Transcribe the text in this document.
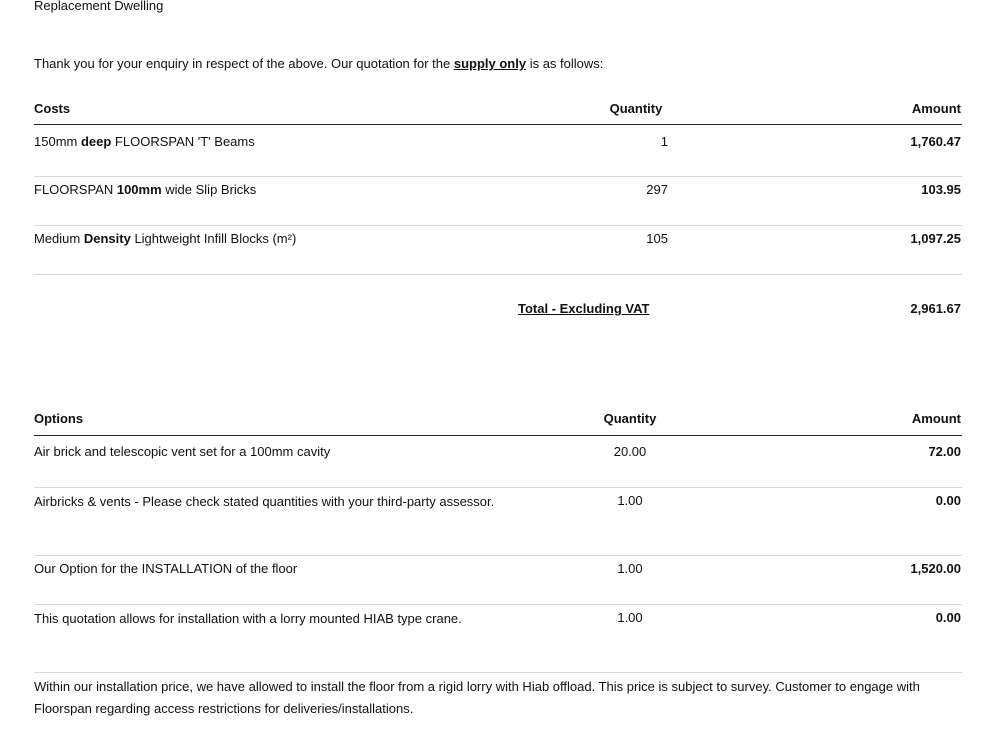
Replacement Dwelling
Thank you for your enquiry in respect of the above. Our quotation for the supply only is as follows:
Costs	Quantity	Amount
150mm deep FLOORSPAN 'T' Beams	1	1,760.47
FLOORSPAN 100mm wide Slip Bricks	297	103.95
Medium Density Lightweight Infill Blocks (m²)	105	1,097.25
Total - Excluding VAT	2,961.67
Options	Quantity	Amount
Air brick and telescopic vent set for a 100mm cavity	20.00	72.00
Airbricks & vents - Please check stated quantities with your third-party assessor.	1.00	0.00
Our Option for the INSTALLATION of the floor	1.00	1,520.00
This quotation allows for installation with a lorry mounted HIAB type crane.	1.00	0.00
Within our installation price, we have allowed to install the floor from a rigid lorry with Hiab offload. This price is subject to survey. Customer to engage with Floorspan regarding access restrictions for deliveries/installations.
